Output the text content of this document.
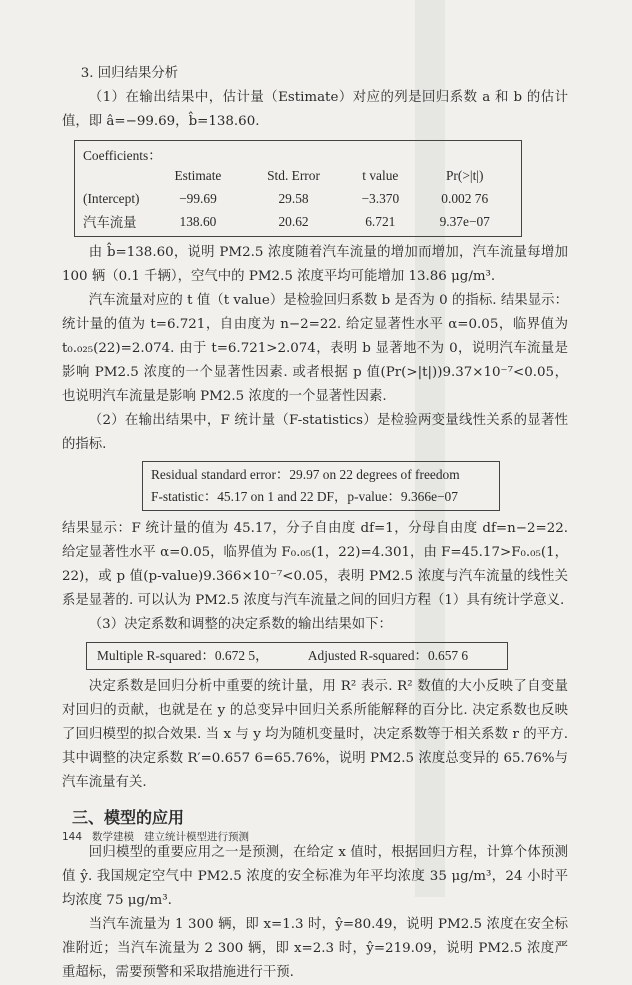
3. 回归结果分析

（1）在输出结果中，估计量（Estimate）对应的列是回归系数 a 和 b 的估计值，即 â=−99.69，b̂=138.60.

Coefficients：
	Estimate	Std. Error	t value	Pr(>|t|)
(Intercept)	−99.69	29.58	−3.370	0.002 76
汽车流量	138.60	20.62	6.721	9.37e−07

由 b̂=138.60，说明 PM2.5 浓度随着汽车流量的增加而增加，汽车流量每增加 100 辆（0.1 千辆），空气中的 PM2.5 浓度平均可能增加 13.86 μg/m³.

汽车流量对应的 t 值（t value）是检验回归系数 b 是否为 0 的指标. 结果显示：统计量的值为 t=6.721，自由度为 n−2=22. 给定显著性水平 α=0.05，临界值为 t₀.₀₂₅(22)=2.074. 由于 t=6.721>2.074，表明 b 显著地不为 0，说明汽车流量是影响 PM2.5 浓度的一个显著性因素. 或者根据 p 值(Pr(>|t|))9.37×10⁻⁷<0.05，也说明汽车流量是影响 PM2.5 浓度的一个显著性因素.

（2）在输出结果中，F 统计量（F-statistics）是检验两变量线性关系的显著性的指标.

Residual standard error：29.97 on 22 degrees of freedom
F-statistic：45.17 on 1 and 22 DF，p-value：9.366e−07

结果显示：F 统计量的值为 45.17，分子自由度 df=1，分母自由度 df=n−2=22. 给定显著性水平 α=0.05，临界值为 F₀.₀₅(1，22)=4.301，由 F=45.17>F₀.₀₅(1，22)，或 p 值(p-value)9.366×10⁻⁷<0.05，表明 PM2.5 浓度与汽车流量的线性关系是显著的. 可以认为 PM2.5 浓度与汽车流量之间的回归方程（1）具有统计学意义.

（3）决定系数和调整的决定系数的输出结果如下：

Multiple R-squared：0.672 5，	Adjusted R-squared：0.657 6

决定系数是回归分析中重要的统计量，用 R² 表示. R² 数值的大小反映了自变量对回归的贡献，也就是在 y 的总变异中回归关系所能解释的百分比. 决定系数也反映了回归模型的拟合效果. 当 x 与 y 均为随机变量时，决定系数等于相关系数 r 的平方. 其中调整的决定系数 R′=0.657 6=65.76%，说明 PM2.5 浓度总变异的 65.76%与汽车流量有关.

三、模型的应用

回归模型的重要应用之一是预测，在给定 x 值时，根据回归方程，计算个体预测值 ŷ. 我国规定空气中 PM2.5 浓度的安全标准为年平均浓度 35 μg/m³，24 小时平均浓度 75 μg/m³.

当汽车流量为 1 300 辆，即 x=1.3 时，ŷ=80.49，说明 PM2.5 浓度在安全标准附近；当汽车流量为 2 300 辆，即 x=2.3 时，ŷ=219.09，说明 PM2.5 浓度严重超标，需要预警和采取措施进行干预.

144 数学建模 建立统计模型进行预测
